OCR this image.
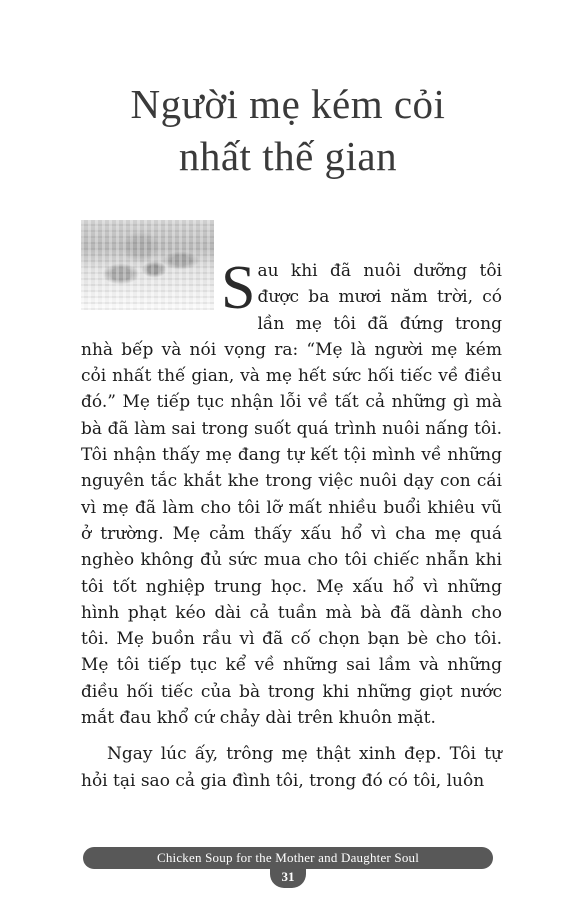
Người mẹ kém cỏi
nhất thế gian

Sau khi đã nuôi dưỡng tôi được ba mươi năm trời, có lần mẹ tôi đã đứng trong nhà bếp và nói vọng ra: “Mẹ là người mẹ kém cỏi nhất thế gian, và mẹ hết sức hối tiếc về điều đó.” Mẹ tiếp tục nhận lỗi về tất cả những gì mà bà đã làm sai trong suốt quá trình nuôi nấng tôi. Tôi nhận thấy mẹ đang tự kết tội mình về những nguyên tắc khắt khe trong việc nuôi dạy con cái vì mẹ đã làm cho tôi lỡ mất nhiều buổi khiêu vũ ở trường. Mẹ cảm thấy xấu hổ vì cha mẹ quá nghèo không đủ sức mua cho tôi chiếc nhẫn khi tôi tốt nghiệp trung học. Mẹ xấu hổ vì những hình phạt kéo dài cả tuần mà bà đã dành cho tôi. Mẹ buồn rầu vì đã cố chọn bạn bè cho tôi. Mẹ tôi tiếp tục kể về những sai lầm và những điều hối tiếc của bà trong khi những giọt nước mắt đau khổ cứ chảy dài trên khuôn mặt.

Ngay lúc ấy, trông mẹ thật xinh đẹp. Tôi tự hỏi tại sao cả gia đình tôi, trong đó có tôi, luôn

Chicken Soup for the Mother and Daughter Soul
31
